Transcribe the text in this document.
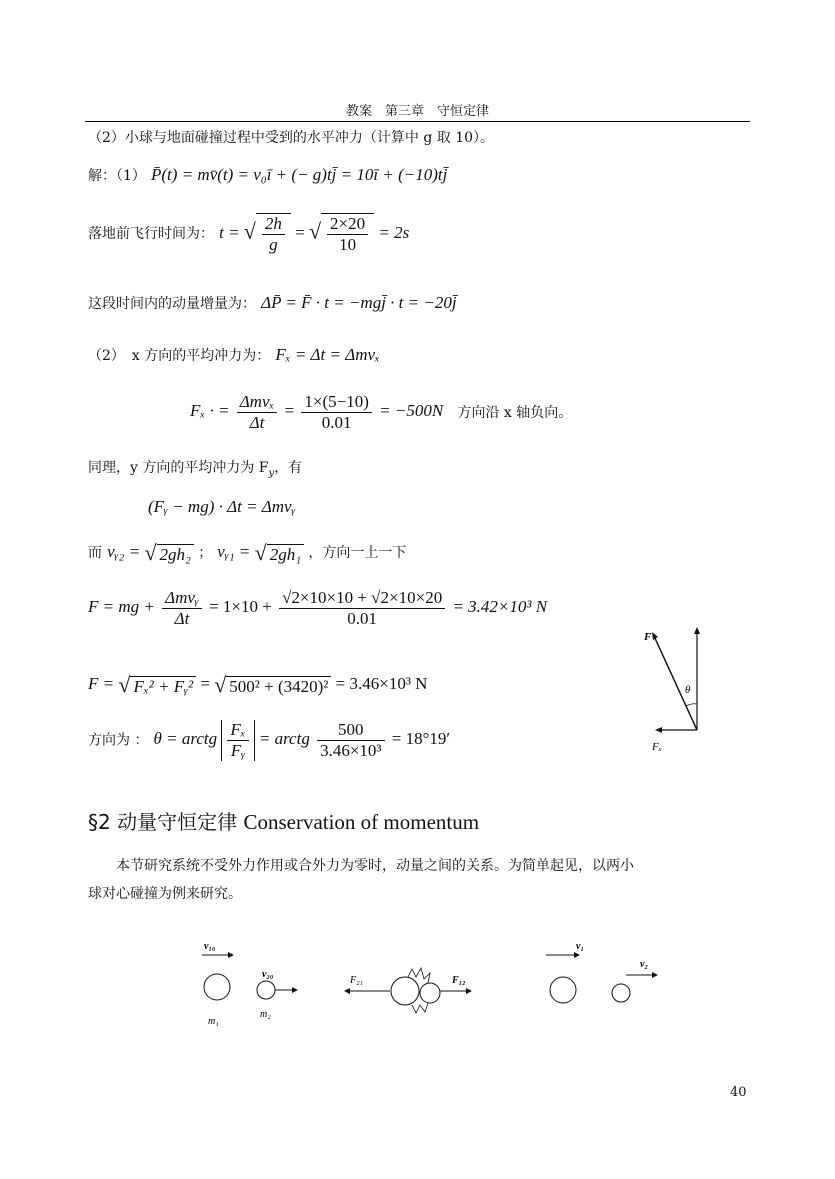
教案　第三章　守恒定律
（2）小球与地面碰撞过程中受到的水平冲力（计算中 g 取 10）。
解：（1） P̄(t) = mv̄(t) = v₀ī + (− g)tj̄ = 10ī + (−10)tj̄
落地前飞行时间为： t = √ $\frac{2h}{g}$ = √ $\frac{2\times 20}{10} = 2s$
这段时间内的动量增量为： ΔP̄ = F̄ · t = −mgj̄ · t = −20j̄
（2）　x 方向的平均冲力为： Fₓ = Δt = Δmvₓ
Fₓ · = $\frac{\text{Δmvₓ}}{\Delta t} = \frac{1\times(5-10)}{0.01} = -500N$ 方向沿 x 轴负向。
同理，y 方向的平均冲力为 $F_y$，有
(Fᵧ − mg) · Δt = Δmvᵧ
而 vᵧ₂ = √ 2gh₂ ； vᵧ₁ = √ 2gh₁ ，方向一上一下
F = mg + $\frac{\text{Δmvᵧ}}{\Delta t} = 1\times 10 + \frac{√2\times 10\times 10 + √2\times 10\times 20}{0.01} = 3.42\times 10^3$ N
F = √ Fₓ² + Fᵧ² = √ 500² + (3420)² = 3.46×10³ N
方向为 ： θ = arctg $\frac{\text{Fₓ}}{\text{Fᵧ}}$ = arctg $\frac{500}{\text{3.46×10³}} = 18^\circ 19'$
F
θ
Fₓ
§2 动量守恒定律 Conservation of momentum
本节研究系统不受外力作用或合外力为零时，动量之间的关系。为简单起见，以两小
球对心碰撞为例来研究。
v₁₀
v₂₀
m₁
m₂
F₂₁	F₁₂
v₁
v₂
40
